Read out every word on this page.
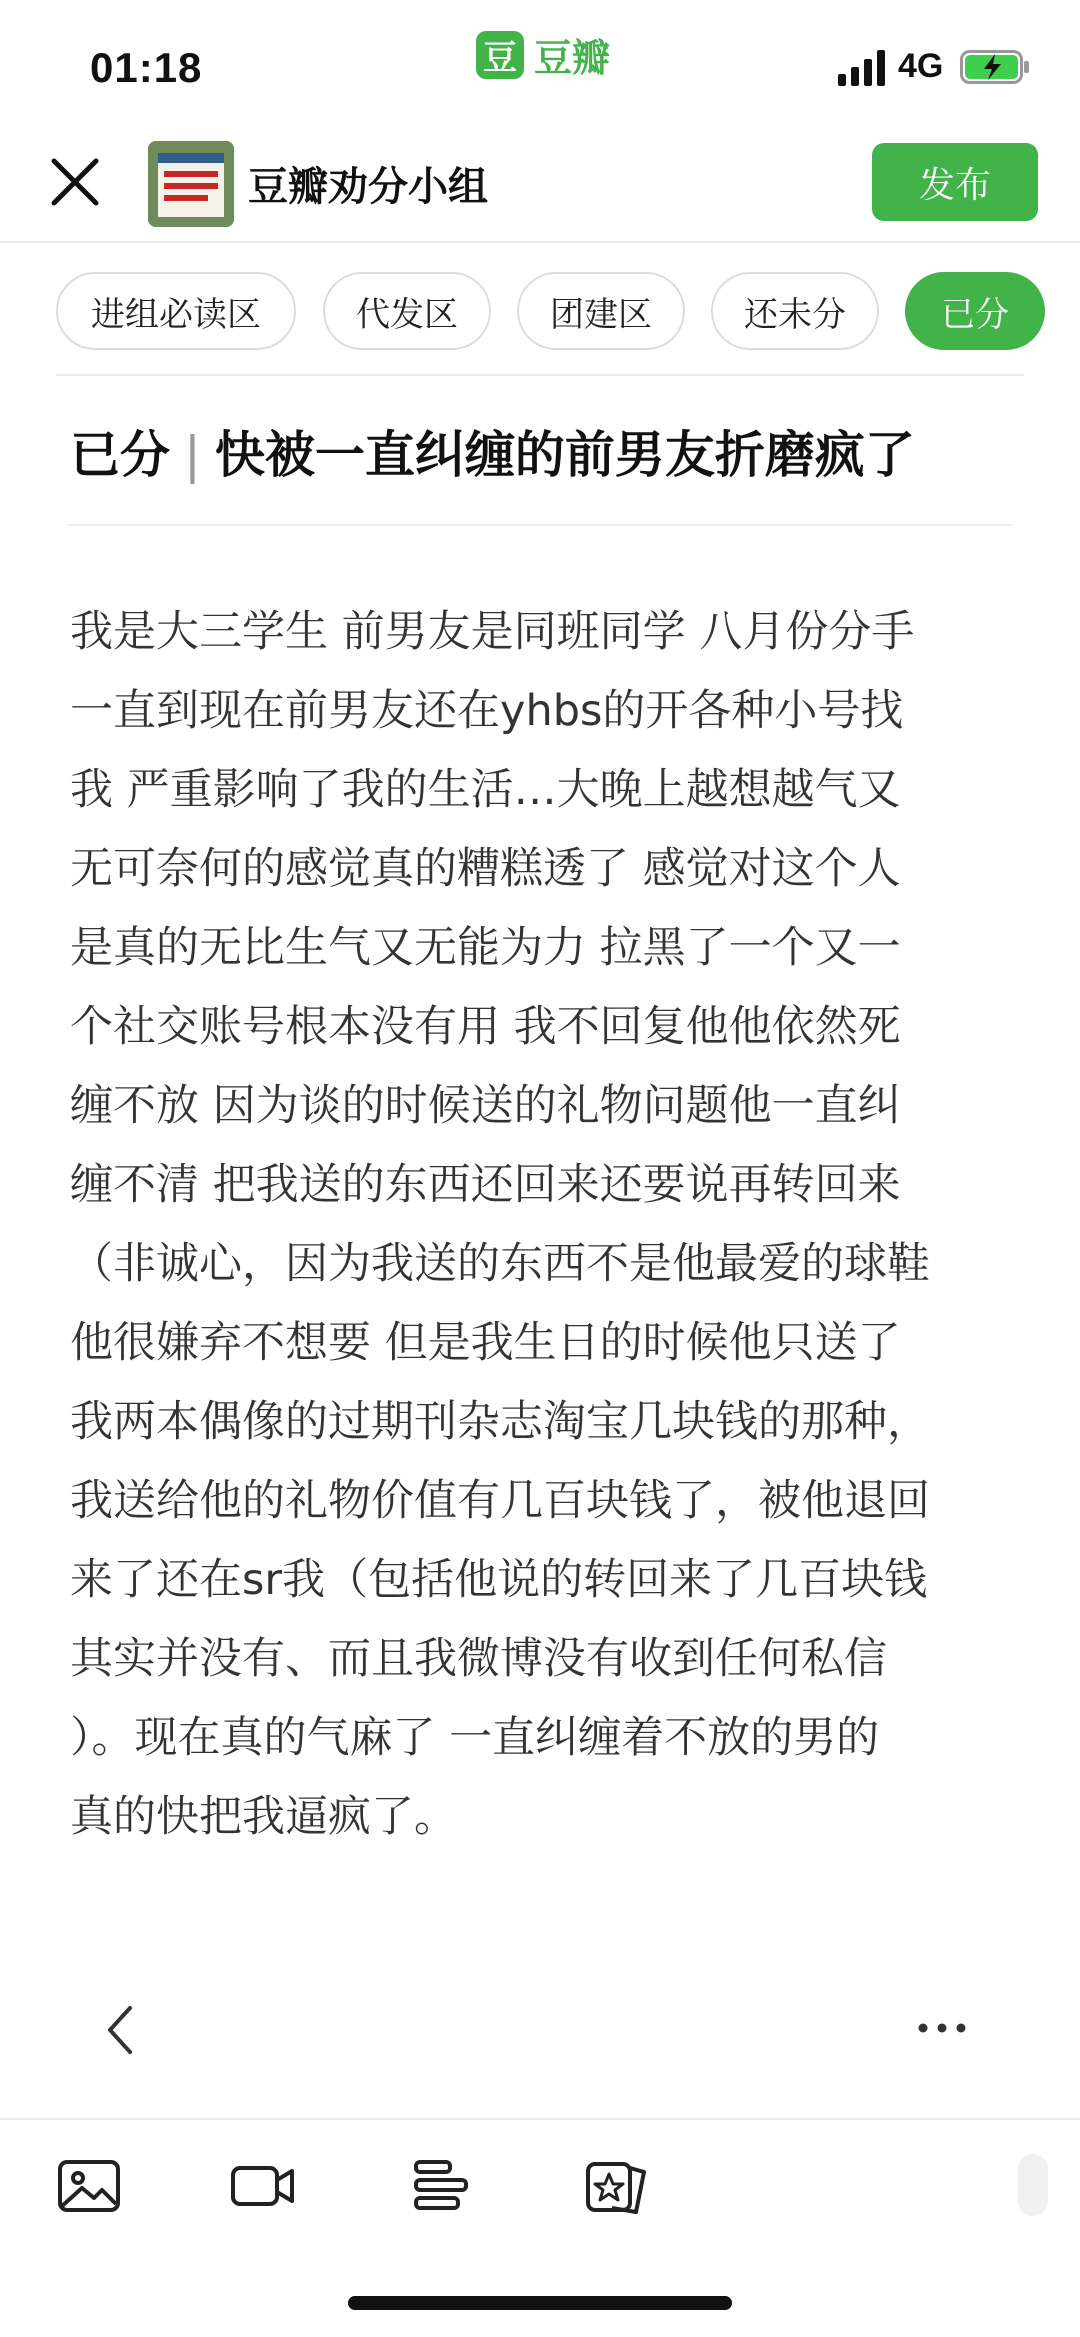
01:18	豆 豆瓣	4G
豆瓣劝分小组	发布
进组必读区	代发区	团建区	还未分	已分
已分 | 快被一直纠缠的前男友折磨疯了
我是大三学生 前男友是同班同学 八月份分手
一直到现在前男友还在yhbs的开各种小号找
我 严重影响了我的生活…大晚上越想越气又
无可奈何的感觉真的糟糕透了 感觉对这个人
是真的无比生气又无能为力 拉黑了一个又一
个社交账号根本没有用 我不回复他他依然死
缠不放 因为谈的时候送的礼物问题他一直纠
缠不清 把我送的东西还回来还要说再转回来
（非诚心，因为我送的东西不是他最爱的球鞋
他很嫌弃不想要 但是我生日的时候他只送了
我两本偶像的过期刊杂志淘宝几块钱的那种，
我送给他的礼物价值有几百块钱了，被他退回
来了还在sr我（包括他说的转回来了几百块钱
其实并没有、而且我微博没有收到任何私信
）。现在真的气麻了 一直纠缠着不放的男的
真的快把我逼疯了。
